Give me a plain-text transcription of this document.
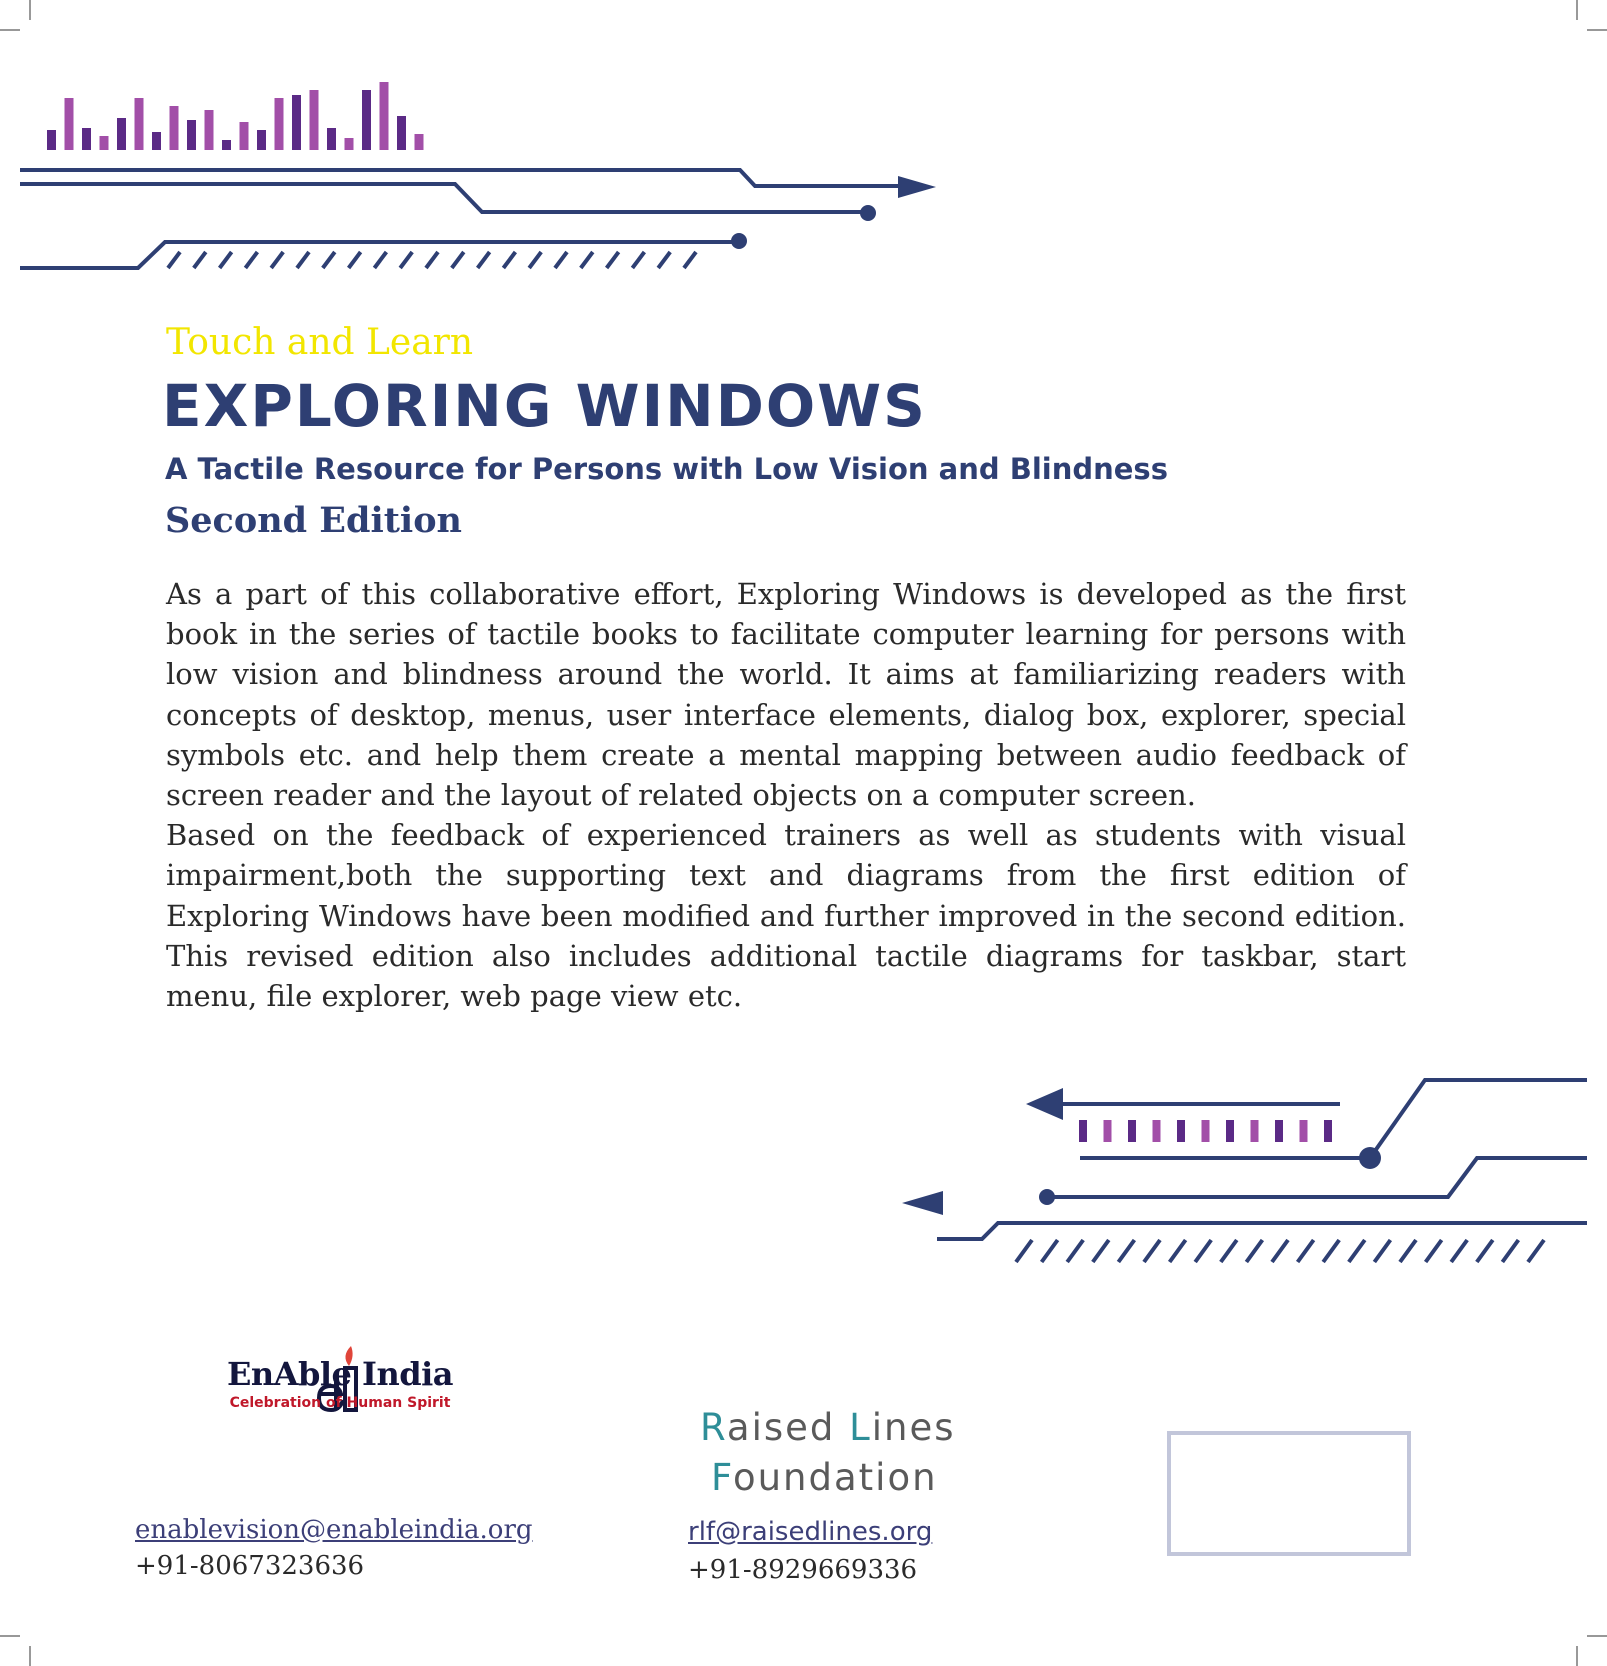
Touch and Learn
EXPLORING WINDOWS
A Tactile Resource for Persons with Low Vision and Blindness
Second Edition

As a part of this collaborative effort, Exploring Windows is developed as the first book in the series of tactile books to facilitate computer learning for persons with low vision and blindness around the world. It aims at familiarizing readers with concepts of desktop, menus, user interface elements, dialog box, explorer, special symbols etc. and help them create a mental mapping between audio feedback of screen reader and the layout of related objects on a computer screen.

Based on the feedback of experienced trainers as well as students with visual impairment,both the supporting text and diagrams from the first edition of Exploring Windows have been modified and further improved in the second edition. This revised edition also includes additional tactile diagrams for taskbar, start menu, file explorer, web page view etc.

EnAble India
Celebration of Human Spirit
enablevision@enableindia.org
+91-8067323636
Raised Lines
Foundation
rlf@raisedlines.org
+91-8929669336
